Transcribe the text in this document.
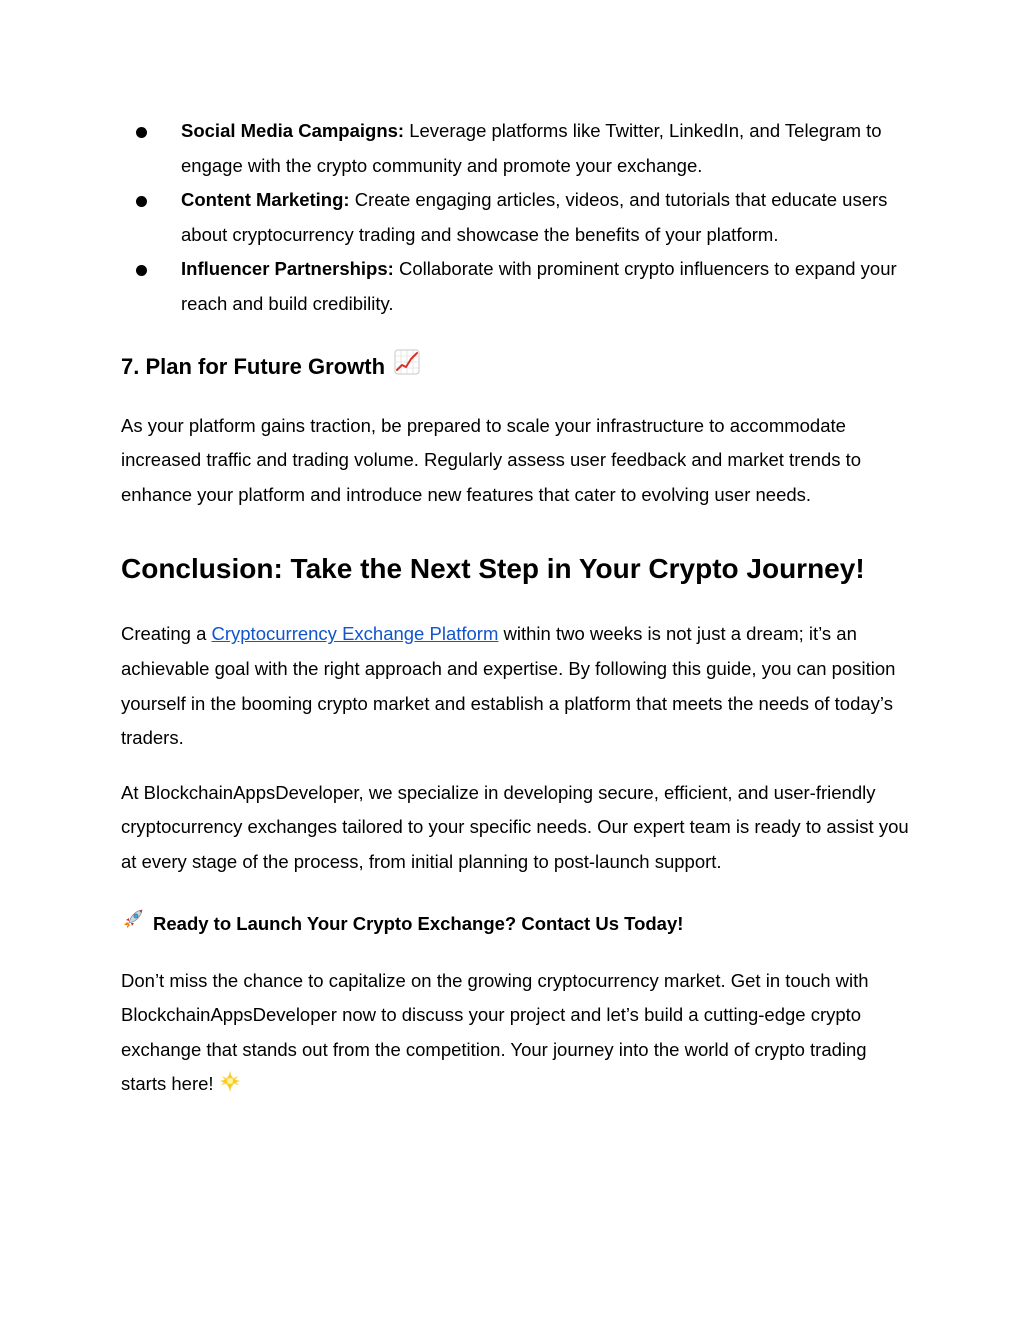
Social Media Campaigns: Leverage platforms like Twitter, LinkedIn, and Telegram to engage with the crypto community and promote your exchange.
Content Marketing: Create engaging articles, videos, and tutorials that educate users about cryptocurrency trading and showcase the benefits of your platform.
Influencer Partnerships: Collaborate with prominent crypto influencers to expand your reach and build credibility.
7. Plan for Future Growth

As your platform gains traction, be prepared to scale your infrastructure to accommodate increased traffic and trading volume. Regularly assess user feedback and market trends to enhance your platform and introduce new features that cater to evolving user needs.

Conclusion: Take the Next Step in Your Crypto Journey!

Creating a Cryptocurrency Exchange Platform within two weeks is not just a dream; it’s an achievable goal with the right approach and expertise. By following this guide, you can position yourself in the booming crypto market and establish a platform that meets the needs of today’s traders.

At BlockchainAppsDeveloper, we specialize in developing secure, efficient, and user-friendly cryptocurrency exchanges tailored to your specific needs. Our expert team is ready to assist you at every stage of the process, from initial planning to post-launch support.

Ready to Launch Your Crypto Exchange? Contact Us Today!

Don’t miss the chance to capitalize on the growing cryptocurrency market. Get in touch with BlockchainAppsDeveloper now to discuss your project and let’s build a cutting-edge crypto exchange that stands out from the competition. Your journey into the world of crypto trading starts here!
